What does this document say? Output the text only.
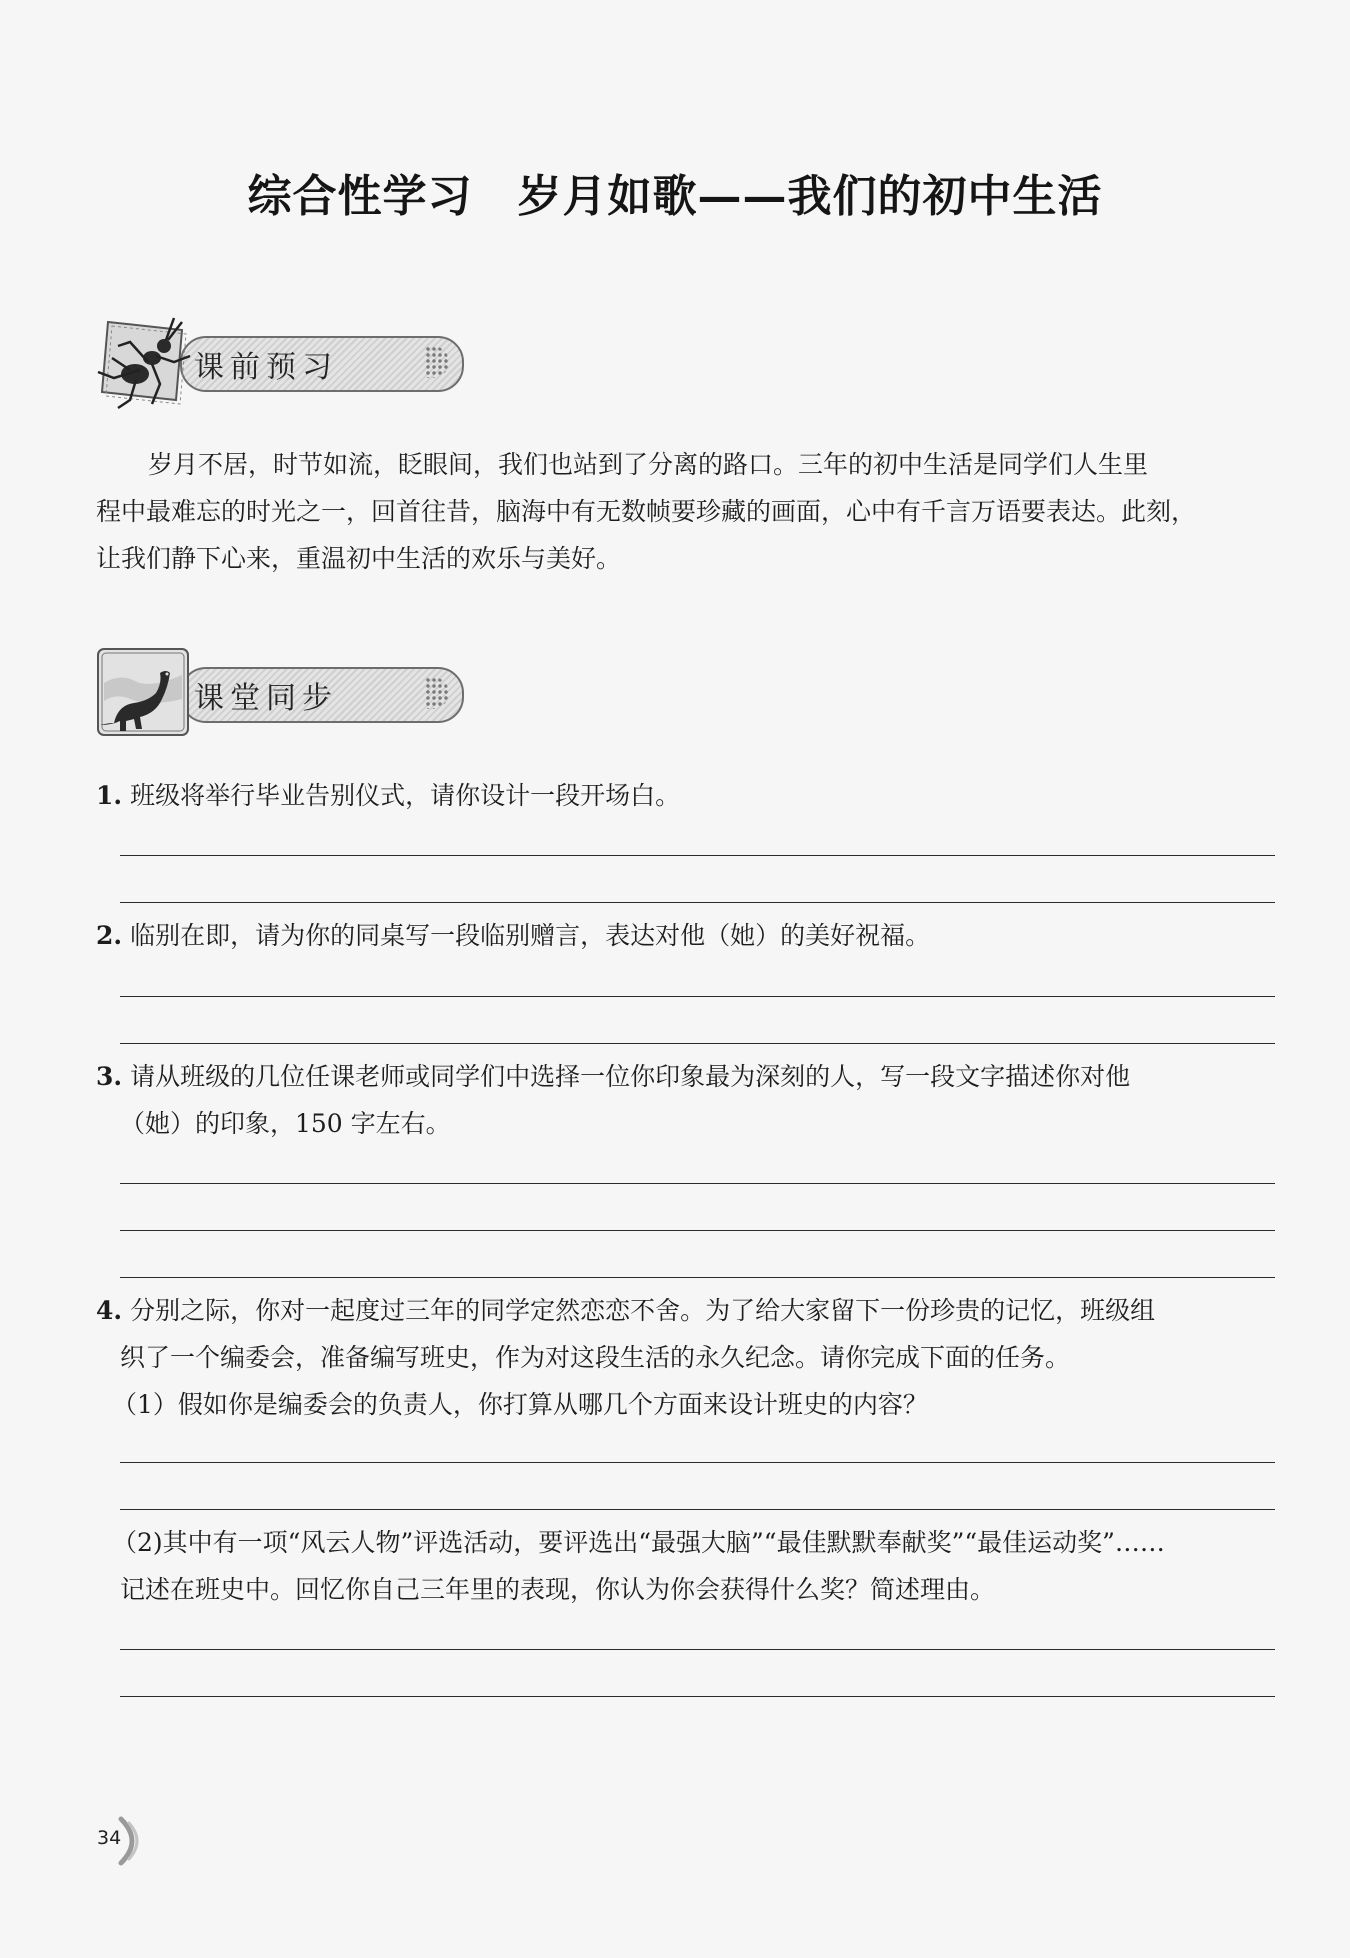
综合性学习　岁月如歌——我们的初中生活
课前预习
岁月不居，时节如流，眨眼间，我们也站到了分离的路口。三年的初中生活是同学们人生里
程中最难忘的时光之一，回首往昔，脑海中有无数帧要珍藏的画面，心中有千言万语要表达。此刻，
让我们静下心来，重温初中生活的欢乐与美好。
课堂同步
1. 班级将举行毕业告别仪式，请你设计一段开场白。
2. 临别在即，请为你的同桌写一段临别赠言，表达对他（她）的美好祝福。
3. 请从班级的几位任课老师或同学们中选择一位你印象最为深刻的人，写一段文字描述你对他
（她）的印象，150 字左右。
4. 分别之际，你对一起度过三年的同学定然恋恋不舍。为了给大家留下一份珍贵的记忆，班级组
织了一个编委会，准备编写班史，作为对这段生活的永久纪念。请你完成下面的任务。
（1）假如你是编委会的负责人，你打算从哪几个方面来设计班史的内容？
（2)其中有一项“风云人物”评选活动，要评选出“最强大脑”“最佳默默奉献奖”“最佳运动奖”……
记述在班史中。回忆你自己三年里的表现，你认为你会获得什么奖？简述理由。
34
